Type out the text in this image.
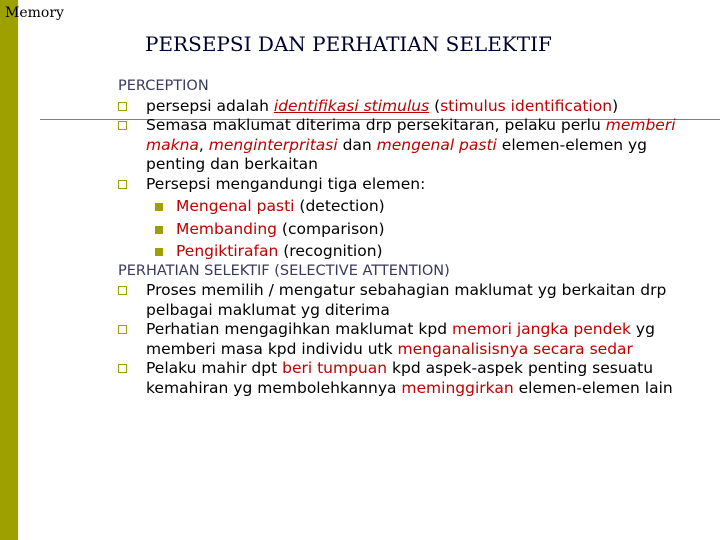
Memory
PERSEPSI DAN PERHATIAN SELEKTIF
PERCEPTION
persepsi adalah identifikasi stimulus (stimulus identification)
Semasa maklumat diterima drp persekitaran, pelaku perlu memberi makna, menginterpritasi dan mengenal pasti elemen-elemen yg penting dan berkaitan
Persepsi mengandungi tiga elemen:
Mengenal pasti (detection)
Membanding (comparison)
Pengiktirafan (recognition)
PERHATIAN SELEKTIF (SELECTIVE ATTENTION)
Proses memilih / mengatur sebahagian maklumat yg berkaitan drp pelbagai maklumat yg diterima
Perhatian mengagihkan maklumat kpd memori jangka pendek yg memberi masa kpd individu utk menganalisisnya secara sedar
Pelaku mahir dpt beri tumpuan kpd aspek-aspek penting sesuatu kemahiran yg membolehkannya meminggirkan elemen-elemen lain
